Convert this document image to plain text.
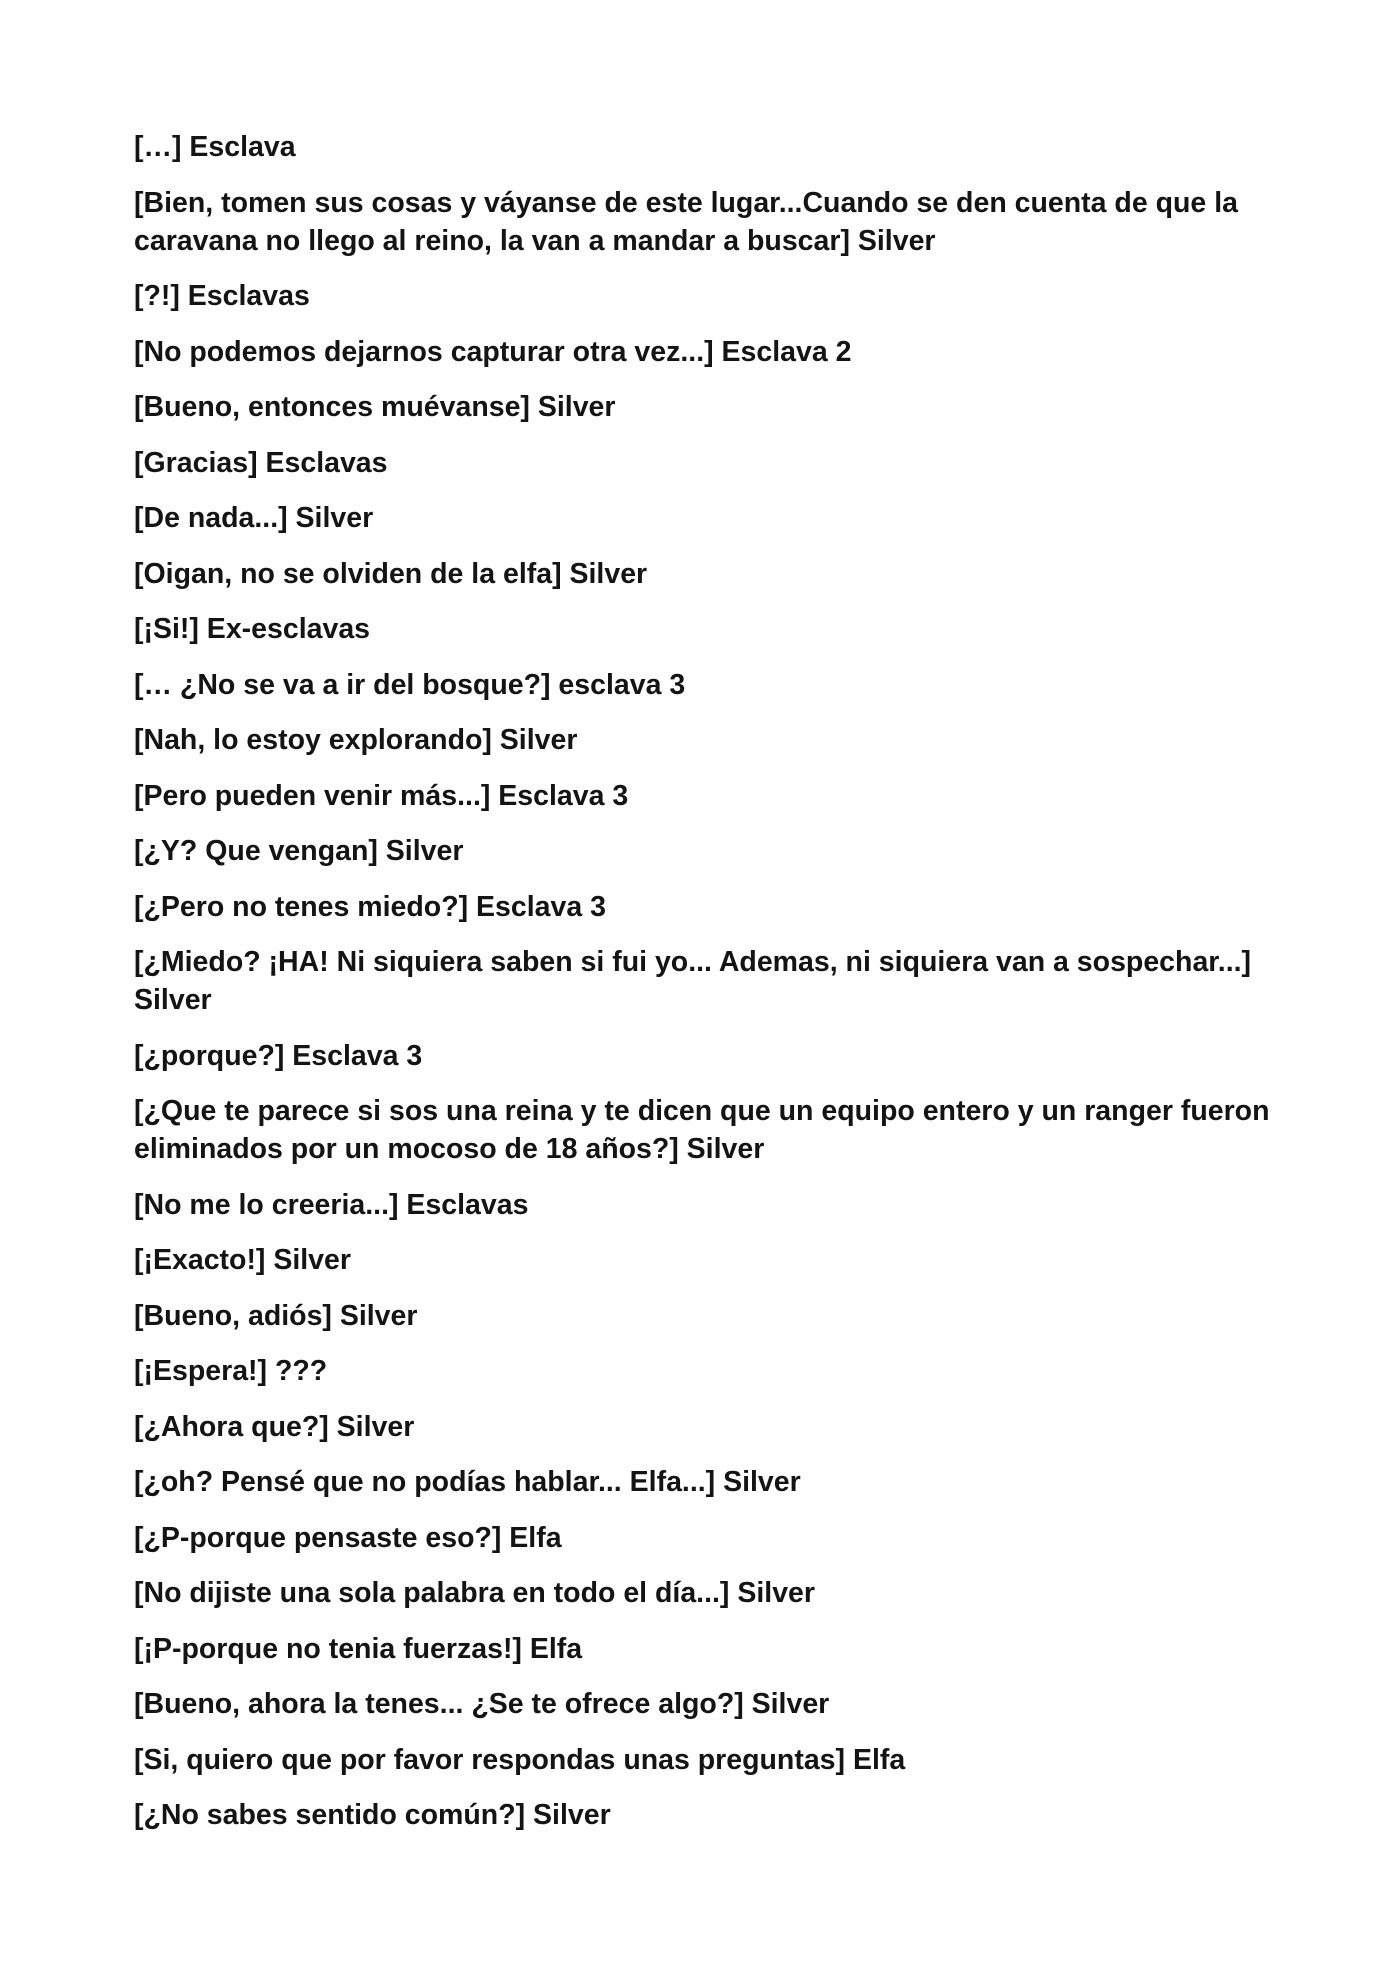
[…] Esclava

[Bien, tomen sus cosas y váyanse de este lugar...Cuando se den cuenta de que la caravana no llego al reino, la van a mandar a buscar] Silver

[?!] Esclavas

[No podemos dejarnos capturar otra vez...] Esclava 2

[Bueno, entonces muévanse] Silver

[Gracias] Esclavas

[De nada...] Silver

[Oigan, no se olviden de la elfa] Silver

[¡Si!] Ex-esclavas

[… ¿No se va a ir del bosque?] esclava 3

[Nah, lo estoy explorando] Silver

[Pero pueden venir más...] Esclava 3

[¿Y? Que vengan] Silver

[¿Pero no tenes miedo?] Esclava 3

[¿Miedo? ¡HA! Ni siquiera saben si fui yo... Ademas, ni siquiera van a sospechar...] Silver

[¿porque?] Esclava 3

[¿Que te parece si sos una reina y te dicen que un equipo entero y un ranger fueron eliminados por un mocoso de 18 años?] Silver

[No me lo creeria...] Esclavas

[¡Exacto!] Silver

[Bueno, adiós] Silver

[¡Espera!] ???

[¿Ahora que?] Silver

[¿oh? Pensé que no podías hablar... Elfa...] Silver

[¿P-porque pensaste eso?] Elfa

[No dijiste una sola palabra en todo el día...] Silver

[¡P-porque no tenia fuerzas!] Elfa

[Bueno, ahora la tenes... ¿Se te ofrece algo?] Silver

[Si, quiero que por favor respondas unas preguntas] Elfa

[¿No sabes sentido común?] Silver
